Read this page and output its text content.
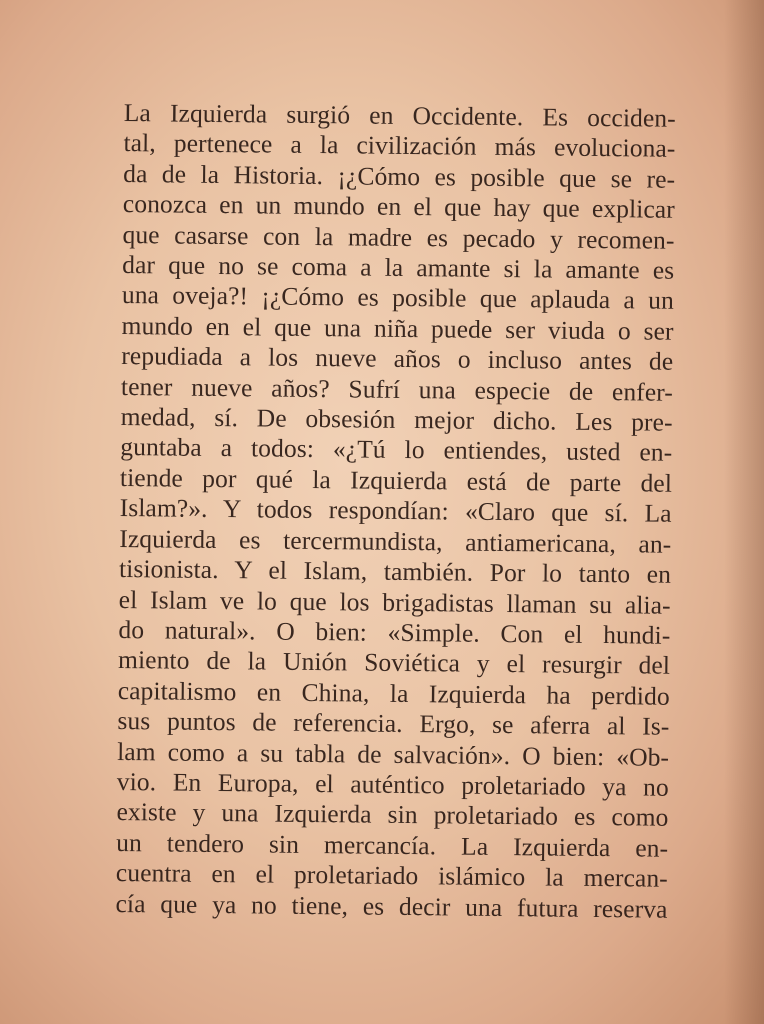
La Izquierda surgió en Occidente. Es occiden-
tal, pertenece a la civilización más evoluciona-
da de la Historia. ¡¿Cómo es posible que se re-
conozca en un mundo en el que hay que explicar
que casarse con la madre es pecado y recomen-
dar que no se coma a la amante si la amante es
una oveja?! ¡¿Cómo es posible que aplauda a un
mundo en el que una niña puede ser viuda o ser
repudiada a los nueve años o incluso antes de
tener nueve años? Sufrí una especie de enfer-
medad, sí. De obsesión mejor dicho. Les pre-
guntaba a todos: «¿Tú lo entiendes, usted en-
tiende por qué la Izquierda está de parte del
Islam?». Y todos respondían: «Claro que sí. La
Izquierda es tercermundista, antiamericana, an-
tisionista. Y el Islam, también. Por lo tanto en
el Islam ve lo que los brigadistas llaman su alia-
do natural». O bien: «Simple. Con el hundi-
miento de la Unión Soviética y el resurgir del
capitalismo en China, la Izquierda ha perdido
sus puntos de referencia. Ergo, se aferra al Is-
lam como a su tabla de salvación». O bien: «Ob-
vio. En Europa, el auténtico proletariado ya no
existe y una Izquierda sin proletariado es como
un tendero sin mercancía. La Izquierda en-
cuentra en el proletariado islámico la mercan-
cía que ya no tiene, es decir una futura reserva
